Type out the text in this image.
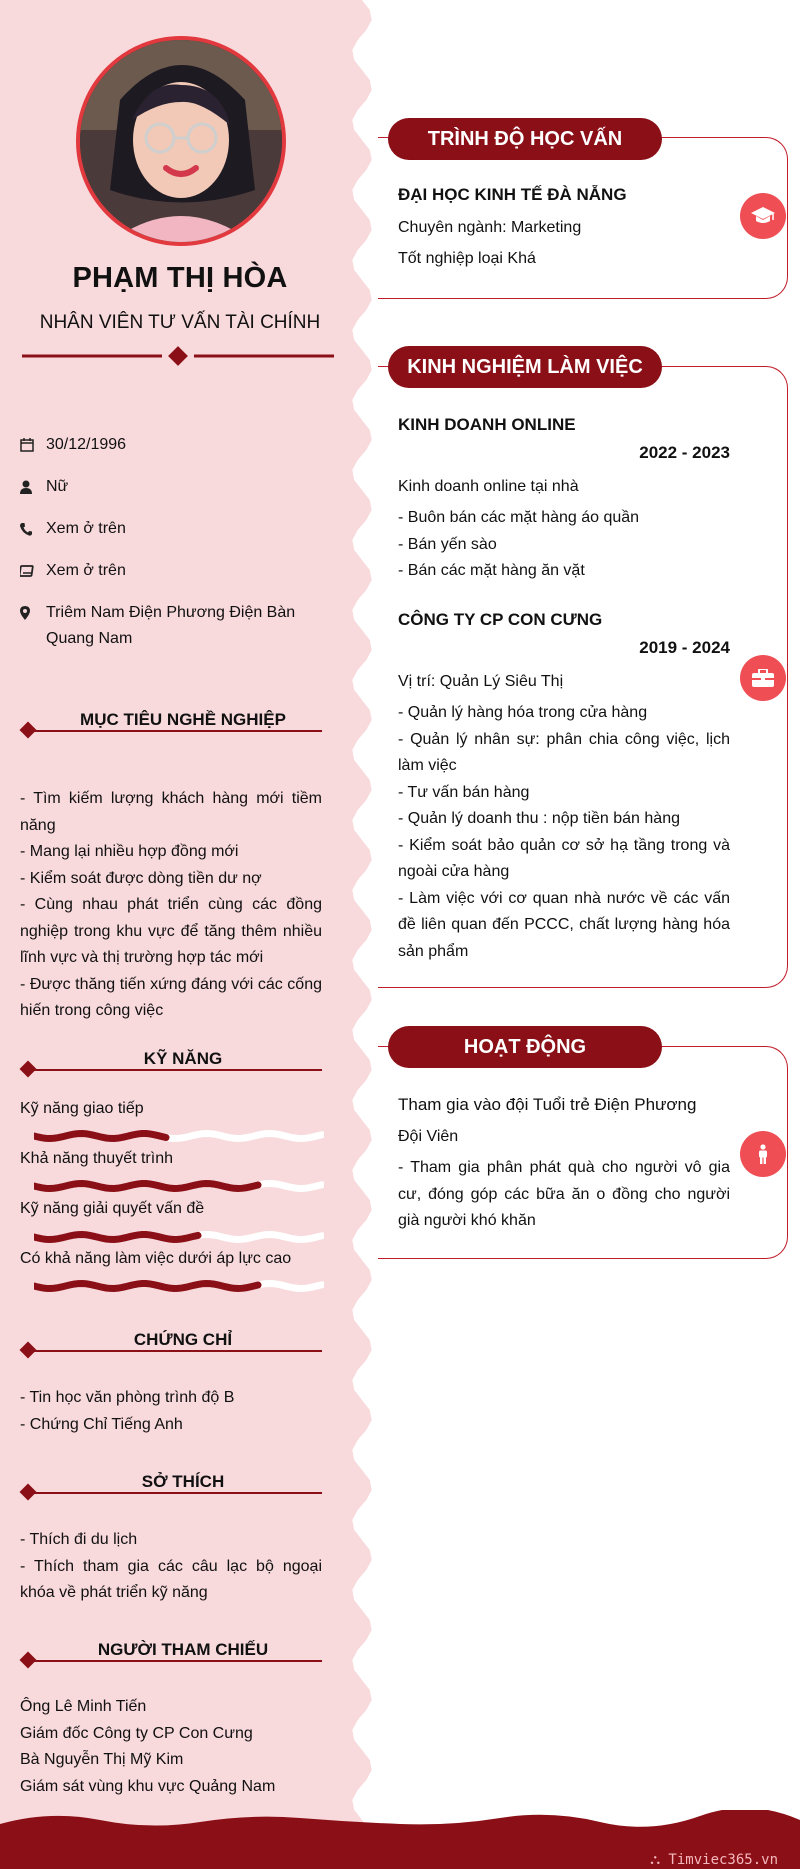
PHẠM THỊ HÒA
NHÂN VIÊN TƯ VẤN TÀI CHÍNH
30/12/1996
Nữ
Xem ở trên
Xem ở trên
Triêm Nam Điện Phương Điện Bàn Quang Nam
MỤC TIÊU NGHỀ NGHIỆP
- Tìm kiếm lượng khách hàng mới tiềm năng
- Mang lại nhiều hợp đồng mới
- Kiểm soát được dòng tiền dư nợ
- Cùng nhau phát triển cùng các đồng nghiệp trong khu vực để tăng thêm nhiều lĩnh vực và thị trường hợp tác mới
- Được thăng tiến xứng đáng với các cống hiến trong công việc
KỸ NĂNG
Kỹ năng giao tiếp
Khả năng thuyết trình
Kỹ năng giải quyết vấn đề
Có khả năng làm việc dưới áp lực cao
CHỨNG CHỈ
- Tin học văn phòng trình độ B
- Chứng Chỉ Tiếng Anh
SỞ THÍCH
- Thích đi du lịch
- Thích tham gia các câu lạc bộ ngoại khóa về phát triển kỹ năng
NGƯỜI THAM CHIẾU
Ông Lê Minh Tiến
Giám đốc Công ty CP Con Cưng
Bà Nguyễn Thị Mỹ Kim
Giám sát vùng khu vực Quảng Nam
TRÌNH ĐỘ HỌC VẤN
ĐẠI HỌC KINH TẾ ĐÀ NẴNG
Chuyên ngành: Marketing
Tốt nghiệp loại Khá
KINH NGHIỆM LÀM VIỆC
KINH DOANH ONLINE
2022 - 2023
Kinh doanh online tại nhà
- Buôn bán các mặt hàng áo quần
- Bán yến sào
- Bán các mặt hàng ăn vặt
CÔNG TY CP CON CƯNG
2019 - 2024
Vị trí: Quản Lý Siêu Thị
- Quản lý hàng hóa trong cửa hàng
- Quản lý nhân sự: phân chia công việc, lịch làm việc
- Tư vấn bán hàng
- Quản lý doanh thu : nộp tiền bán hàng
- Kiểm soát bảo quản cơ sở hạ tầng trong và ngoài cửa hàng
- Làm việc với cơ quan nhà nước về các vấn đề liên quan đến PCCC, chất lượng hàng hóa sản phẩm
HOẠT ĐỘNG
Tham gia vào đội Tuổi trẻ Điện Phương
Đội Viên
- Tham gia phân phát quà cho người vô gia cư, đóng góp các bữa ăn o đồng cho người già người khó khăn
⛬ Timviec365.vn
